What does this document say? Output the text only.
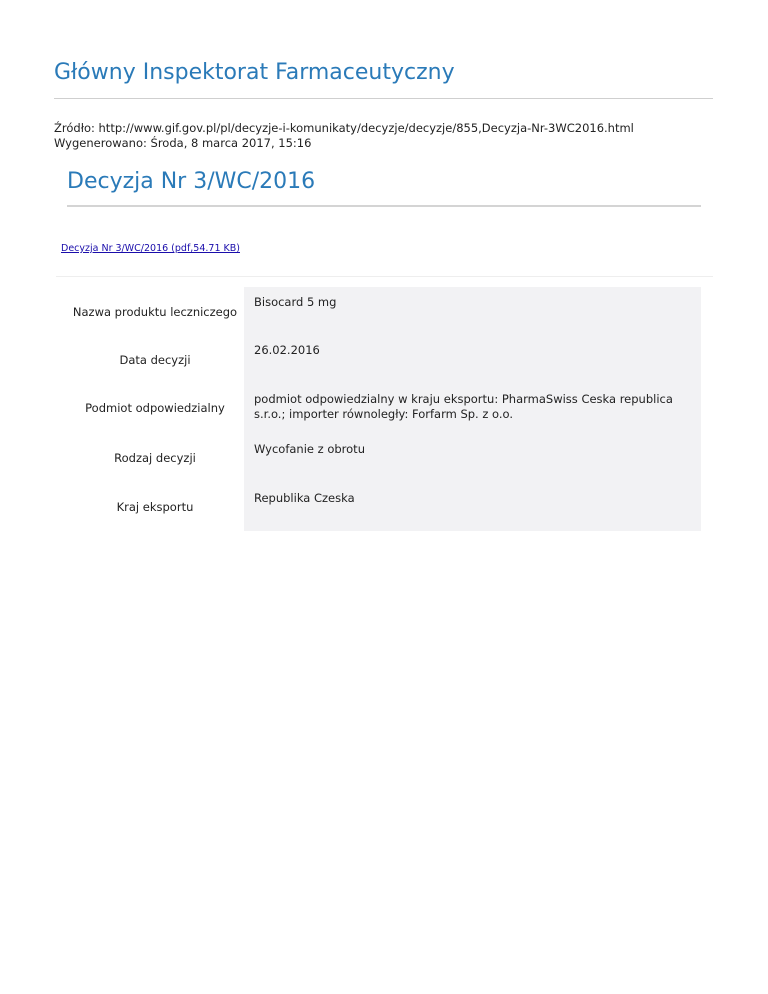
Główny Inspektorat Farmaceutyczny
Źródło: http://www.gif.gov.pl/pl/decyzje-i-komunikaty/decyzje/decyzje/855,Decyzja-Nr-3WC2016.html
Wygenerowano: Środa, 8 marca 2017, 15:16
Decyzja Nr 3/WC/2016
Decyzja Nr 3/WC/2016 (pdf,54.71 KB)
Nazwa produktu leczniczego
Bisocard 5 mg
Data decyzji
26.02.2016
Podmiot odpowiedzialny
podmiot odpowiedzialny w kraju eksportu: PharmaSwiss Ceska republica s.r.o.; importer równoległy: Forfarm Sp. z o.o.
Rodzaj decyzji
Wycofanie z obrotu
Kraj eksportu
Republika Czeska
